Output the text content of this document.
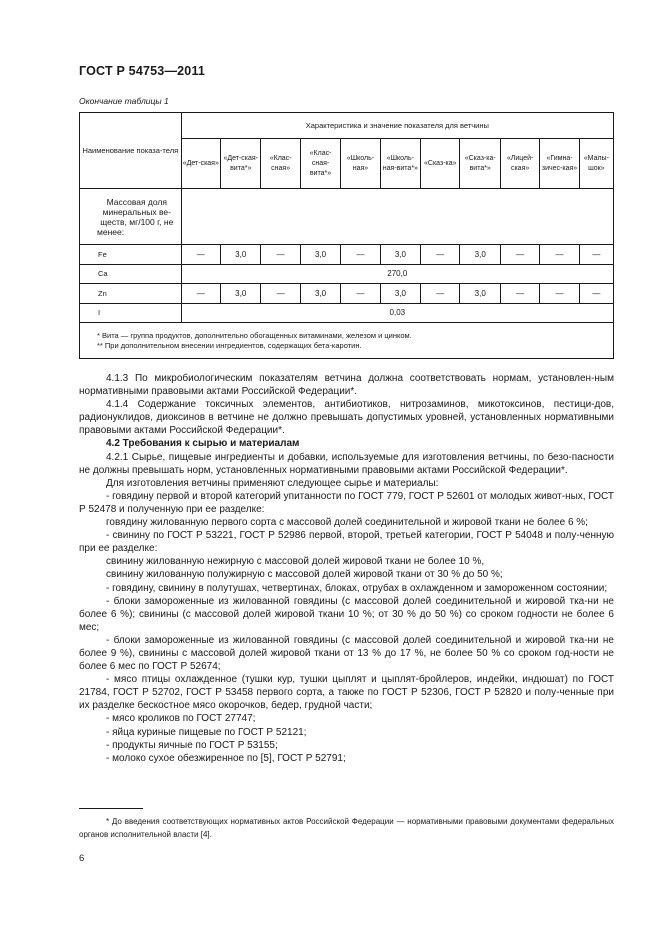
ГОСТ Р 54753—2011
Окончание таблицы 1
Наименование показа-теля	Характеристика и значение показателя для ветчины										
	«Дет-ская»	«Дет-ская-вита*»	«Клас-сная»	«Клас-сная-вита*»	«Школь-ная»	«Школь-ная-вита*»	«Сказ-ка»	«Сказ-ка-вита*»	«Лицей-ская»	«Гимна-зичес-кая»	«Малы-шок»
Массовая доля минеральных ве-ществ, мг/100 г, не менее:											
Fe	—	3,0	—	3,0	—	3,0	—	3,0	—	—	—
Ca	270,0										
Zn	—	3,0	—	3,0	—	3,0	—	3,0	—	—	—
I	0,03										

* Вита — группа продуктов, дополнительно обогащенных витаминами, железом и цинком.
** При дополнительном внесении ингредиентов, содержащих бета-каротин.											

4.1.3 По микробиологическим показателям ветчина должна соответствовать нормам, установлен-ным нормативными правовыми актами Российской Федерации*.

4.1.4 Содержание токсичных элементов, антибиотиков, нитрозаминов, микотоксинов, пестици-дов, радионуклидов, диоксинов в ветчине не должно превышать допустимых уровней, установленных нормативными правовыми актами Российской Федерации*.

4.2 Требования к сырью и материалам

4.2.1 Сырье, пищевые ингредиенты и добавки, используемые для изготовления ветчины, по безо-пасности не должны превышать норм, установленных нормативными правовыми актами Российской Федерации*.

Для изготовления ветчины применяют следующее сырье и материалы:

- говядину первой и второй категорий упитанности по ГОСТ 779, ГОСТ Р 52601 от молодых живот-ных, ГОСТ Р 52478 и полученную при ее разделке:

говядину жилованную первого сорта с массовой долей соединительной и жировой ткани не более 6 %;

- свинину по ГОСТ Р 53221, ГОСТ Р 52986 первой, второй, третьей категории, ГОСТ Р 54048 и полу-ченную при ее разделке:

свинину жилованную нежирную с массовой долей жировой ткани не более 10 %,

свинину жилованную полужирную с массовой долей жировой ткани от 30 % до 50 %;

- говядину, свинину в полутушах, четвертинах, блоках, отрубах в охлажденном и замороженном состоянии;

- блоки замороженные из жилованной говядины (с массовой долей соединительной и жировой тка-ни не более 6 %); свинины (с массовой долей жировой ткани 10 %; от 30 % до 50 %) со сроком годности не более 6 мес;

- блоки замороженные из жилованной говядины (с массовой долей соединительной и жировой тка-ни не более 9 %), свинины с массовой долей жировой ткани от 13 % до 17 %, не более 50 % со сроком год-ности не более 6 мес по ГОСТ Р 52674;

- мясо птицы охлажденное (тушки кур, тушки цыплят и цыплят-бройлеров, индейки, индюшат) по ГОСТ 21784, ГОСТ Р 52702, ГОСТ Р 53458 первого сорта, а также по ГОСТ Р 52306, ГОСТ Р 52820 и полу-ченные при их разделке бескостное мясо окорочков, бедер, грудной части;

- мясо кроликов по ГОСТ 27747;

- яйца куриные пищевые по ГОСТ Р 52121;

- продукты яичные по ГОСТ Р 53155;

- молоко сухое обезжиренное по [5], ГОСТ Р 52791;

* До введения соответствующих нормативных актов Российской Федерации — нормативными правовыми документами федеральных органов исполнительной власти [4].
6
